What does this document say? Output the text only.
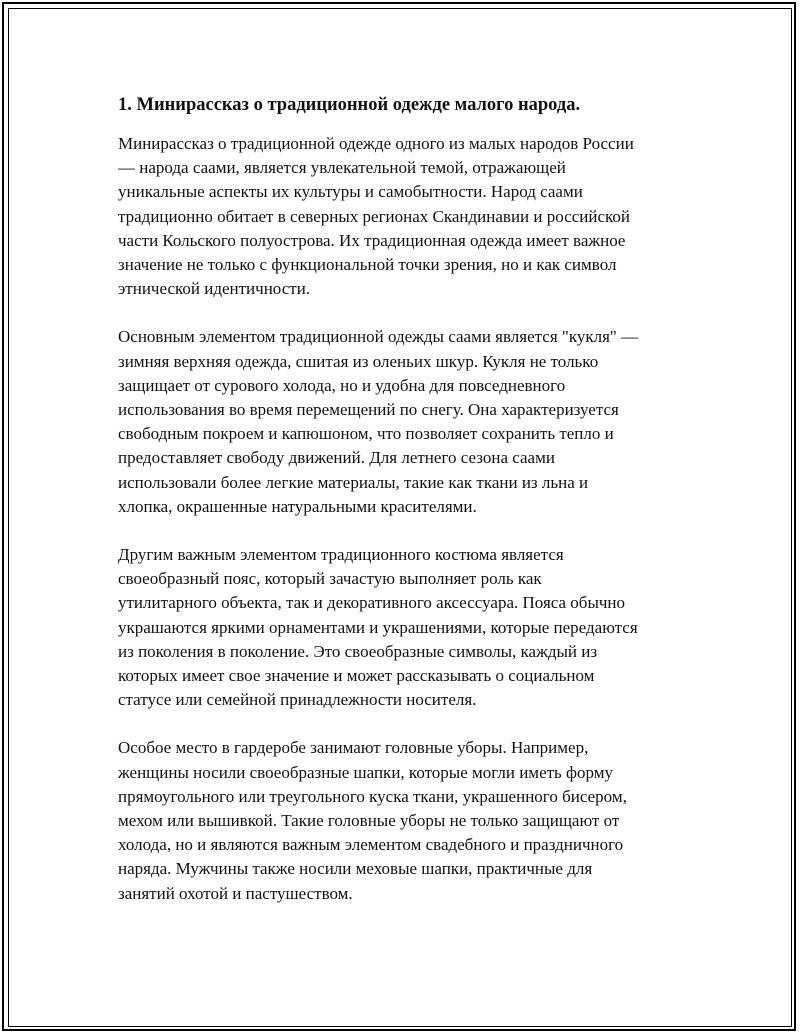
1. Минирассказ о традиционной одежде малого народа.
Минирассказ о традиционной одежде одного из малых народов России
— народа саами, является увлекательной темой, отражающей
уникальные аспекты их культуры и самобытности. Народ саами
традиционно обитает в северных регионах Скандинавии и российской
части Кольского полуострова. Их традиционная одежда имеет важное
значение не только с функциональной точки зрения, но и как символ
этнической идентичности.
Основным элементом традиционной одежды саами является "кукля" —
зимняя верхняя одежда, сшитая из оленьих шкур. Кукля не только
защищает от сурового холода, но и удобна для повседневного
использования во время перемещений по снегу. Она характеризуется
свободным покроем и капюшоном, что позволяет сохранить тепло и
предоставляет свободу движений. Для летнего сезона саами
использовали более легкие материалы, такие как ткани из льна и
хлопка, окрашенные натуральными красителями.
Другим важным элементом традиционного костюма является
своеобразный пояс, который зачастую выполняет роль как
утилитарного объекта, так и декоративного аксессуара. Пояса обычно
украшаются яркими орнаментами и украшениями, которые передаются
из поколения в поколение. Это своеобразные символы, каждый из
которых имеет свое значение и может рассказывать о социальном
статусе или семейной принадлежности носителя.
Особое место в гардеробе занимают головные уборы. Например,
женщины носили своеобразные шапки, которые могли иметь форму
прямоугольного или треугольного куска ткани, украшенного бисером,
мехом или вышивкой. Такие головные уборы не только защищают от
холода, но и являются важным элементом свадебного и праздничного
наряда. Мужчины также носили меховые шапки, практичные для
занятий охотой и пастушеством.
